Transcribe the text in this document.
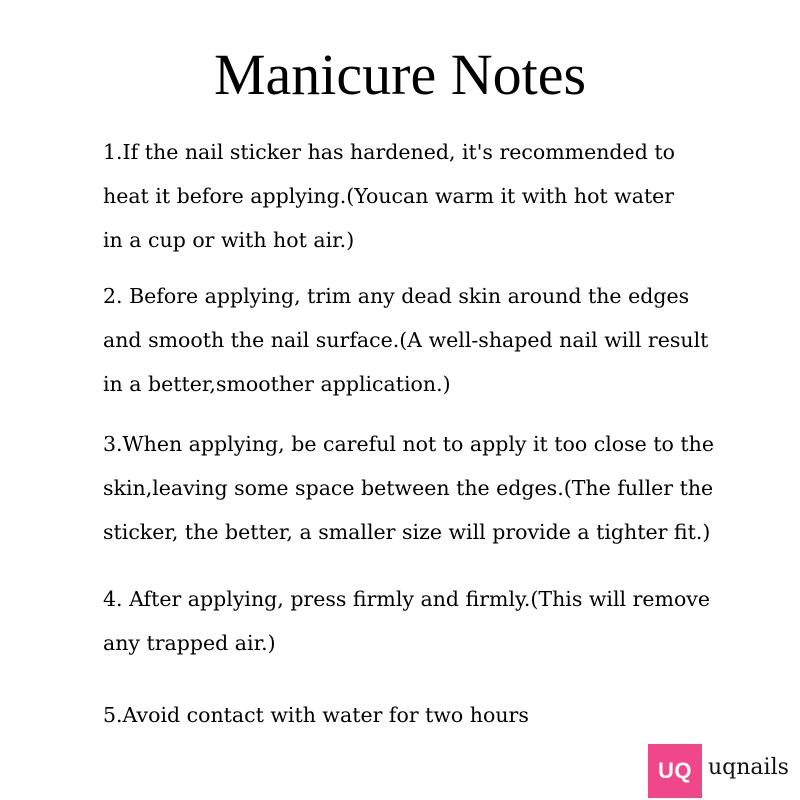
Manicure Notes

1.If the nail sticker has hardened, it's recommended to
heat it before applying.(Youcan warm it with hot water
in a cup or with hot air.)

2. Before applying, trim any dead skin around the edges
and smooth the nail surface.(A well-shaped nail will result
in a better,smoother application.)

3.When applying, be careful not to apply it too close to the
skin,leaving some space between the edges.(The fuller the
sticker, the better, a smaller size will provide a tighter fit.)

4. After applying, press firmly and firmly.(This will remove
any trapped air.)

5.Avoid contact with water for two hours

UQ uqnails
